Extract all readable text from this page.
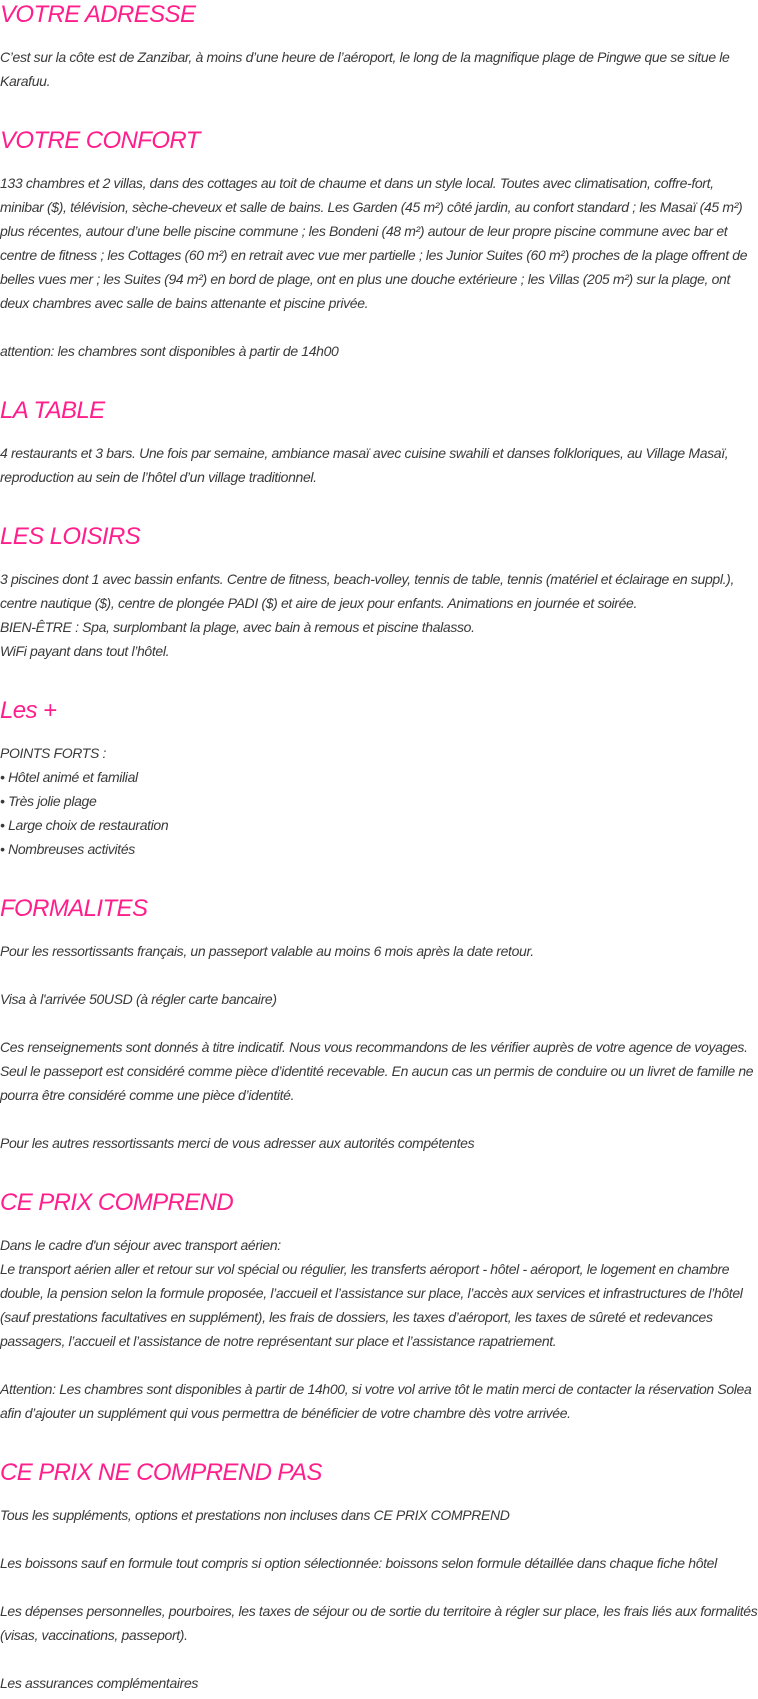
VOTRE ADRESSE

C’est sur la côte est de Zanzibar, à moins d’une heure de l’aéroport, le long de la magnifique plage de Pingwe que se situe le Karafuu.

VOTRE CONFORT

133 chambres et 2 villas, dans des cottages au toit de chaume et dans un style local. Toutes avec climatisation, coffre-fort, minibar ($), télévision, sèche-cheveux et salle de bains. Les Garden (45 m²) côté jardin, au confort standard ; les Masaï (45 m²) plus récentes, autour d’une belle piscine commune ; les Bondeni (48 m²) autour de leur propre piscine commune avec bar et centre de fitness ; les Cottages (60 m²) en retrait avec vue mer partielle ; les Junior Suites (60 m²) proches de la plage offrent de belles vues mer ; les Suites (94 m²) en bord de plage, ont en plus une douche extérieure ; les Villas (205 m²) sur la plage, ont deux chambres avec salle de bains attenante et piscine privée.

attention: les chambres sont disponibles à partir de 14h00

LA TABLE

4 restaurants et 3 bars. Une fois par semaine, ambiance masaï avec cuisine swahili et danses folkloriques, au Village Masaï, reproduction au sein de l’hôtel d’un village traditionnel.

LES LOISIRS

3 piscines dont 1 avec bassin enfants. Centre de fitness, beach-volley, tennis de table, tennis (matériel et éclairage en suppl.), centre nautique ($), centre de plongée PADI ($) et aire de jeux pour enfants. Animations en journée et soirée.
BIEN-ÊTRE : Spa, surplombant la plage, avec bain à remous et piscine thalasso.
WiFi payant dans tout l’hôtel.

Les +

POINTS FORTS :
• Hôtel animé et familial
• Très jolie plage
• Large choix de restauration
• Nombreuses activités

FORMALITES

Pour les ressortissants français, un passeport valable au moins 6 mois après la date retour.

Visa à l'arrivée 50USD (à régler carte bancaire)

Ces renseignements sont donnés à titre indicatif. Nous vous recommandons de les vérifier auprès de votre agence de voyages. Seul le passeport est considéré comme pièce d’identité recevable. En aucun cas un permis de conduire ou un livret de famille ne pourra être considéré comme une pièce d’identité.

Pour les autres ressortissants merci de vous adresser aux autorités compétentes

CE PRIX COMPREND

Dans le cadre d'un séjour avec transport aérien:
Le transport aérien aller et retour sur vol spécial ou régulier, les transferts aéroport - hôtel - aéroport, le logement en chambre double, la pension selon la formule proposée, l’accueil et l’assistance sur place, l’accès aux services et infrastructures de l’hôtel (sauf prestations facultatives en supplément), les frais de dossiers, les taxes d’aéroport, les taxes de sûreté et redevances passagers, l’accueil et l’assistance de notre représentant sur place et l’assistance rapatriement.

Attention: Les chambres sont disponibles à partir de 14h00, si votre vol arrive tôt le matin merci de contacter la réservation Solea afin d’ajouter un supplément qui vous permettra de bénéficier de votre chambre dès votre arrivée.

CE PRIX NE COMPREND PAS

Tous les suppléments, options et prestations non incluses dans CE PRIX COMPREND

Les boissons sauf en formule tout compris si option sélectionnée: boissons selon formule détaillée dans chaque fiche hôtel

Les dépenses personnelles, pourboires, les taxes de séjour ou de sortie du territoire à régler sur place, les frais liés aux formalités (visas, vaccinations, passeport).

Les assurances complémentaires
